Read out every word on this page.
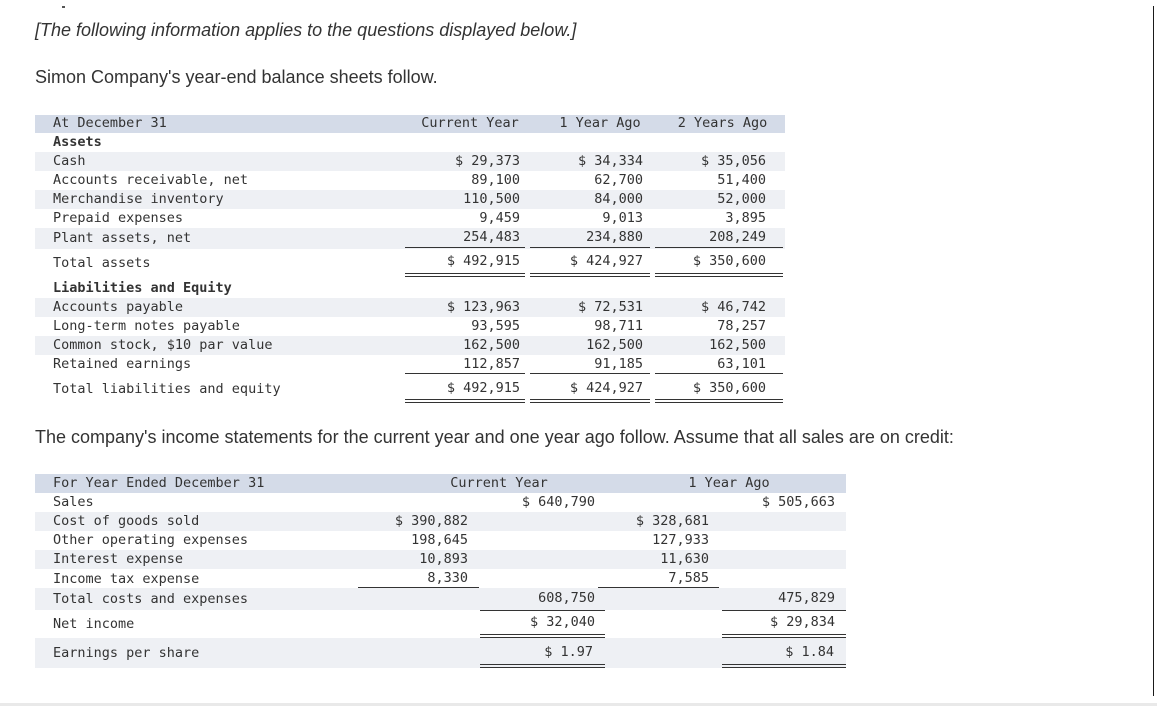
[The following information applies to the questions displayed below.]
Simon Company's year-end balance sheets follow.
At December 31	Current Year	1 Year Ago	2 Years Ago
Assets
Cash	$ 29,373	$ 34,334	$ 35,056
Accounts receivable, net	89,100	62,700	51,400
Merchandise inventory	110,500	84,000	52,000
Prepaid expenses	9,459	9,013	3,895
Plant assets, net	254,483	234,880	208,249
Total assets	$ 492,915	$ 424,927	$ 350,600
Liabilities and Equity
Accounts payable	$ 123,963	$ 72,531	$ 46,742
Long-term notes payable	93,595	98,711	78,257
Common stock, $10 par value	162,500	162,500	162,500
Retained earnings	112,857	91,185	63,101
Total liabilities and equity	$ 492,915	$ 424,927	$ 350,600
The company's income statements for the current year and one year ago follow. Assume that all sales are on credit:
For Year Ended December 31	Current Year	1 Year Ago
Sales	$ 640,790	$ 505,663
Cost of goods sold	$ 390,882	$ 328,681
Other operating expenses	198,645	127,933
Interest expense	10,893	11,630
Income tax expense	8,330	7,585
Total costs and expenses	608,750	475,829
Net income	$ 32,040	$ 29,834
Earnings per share	$ 1.97	$ 1.84
